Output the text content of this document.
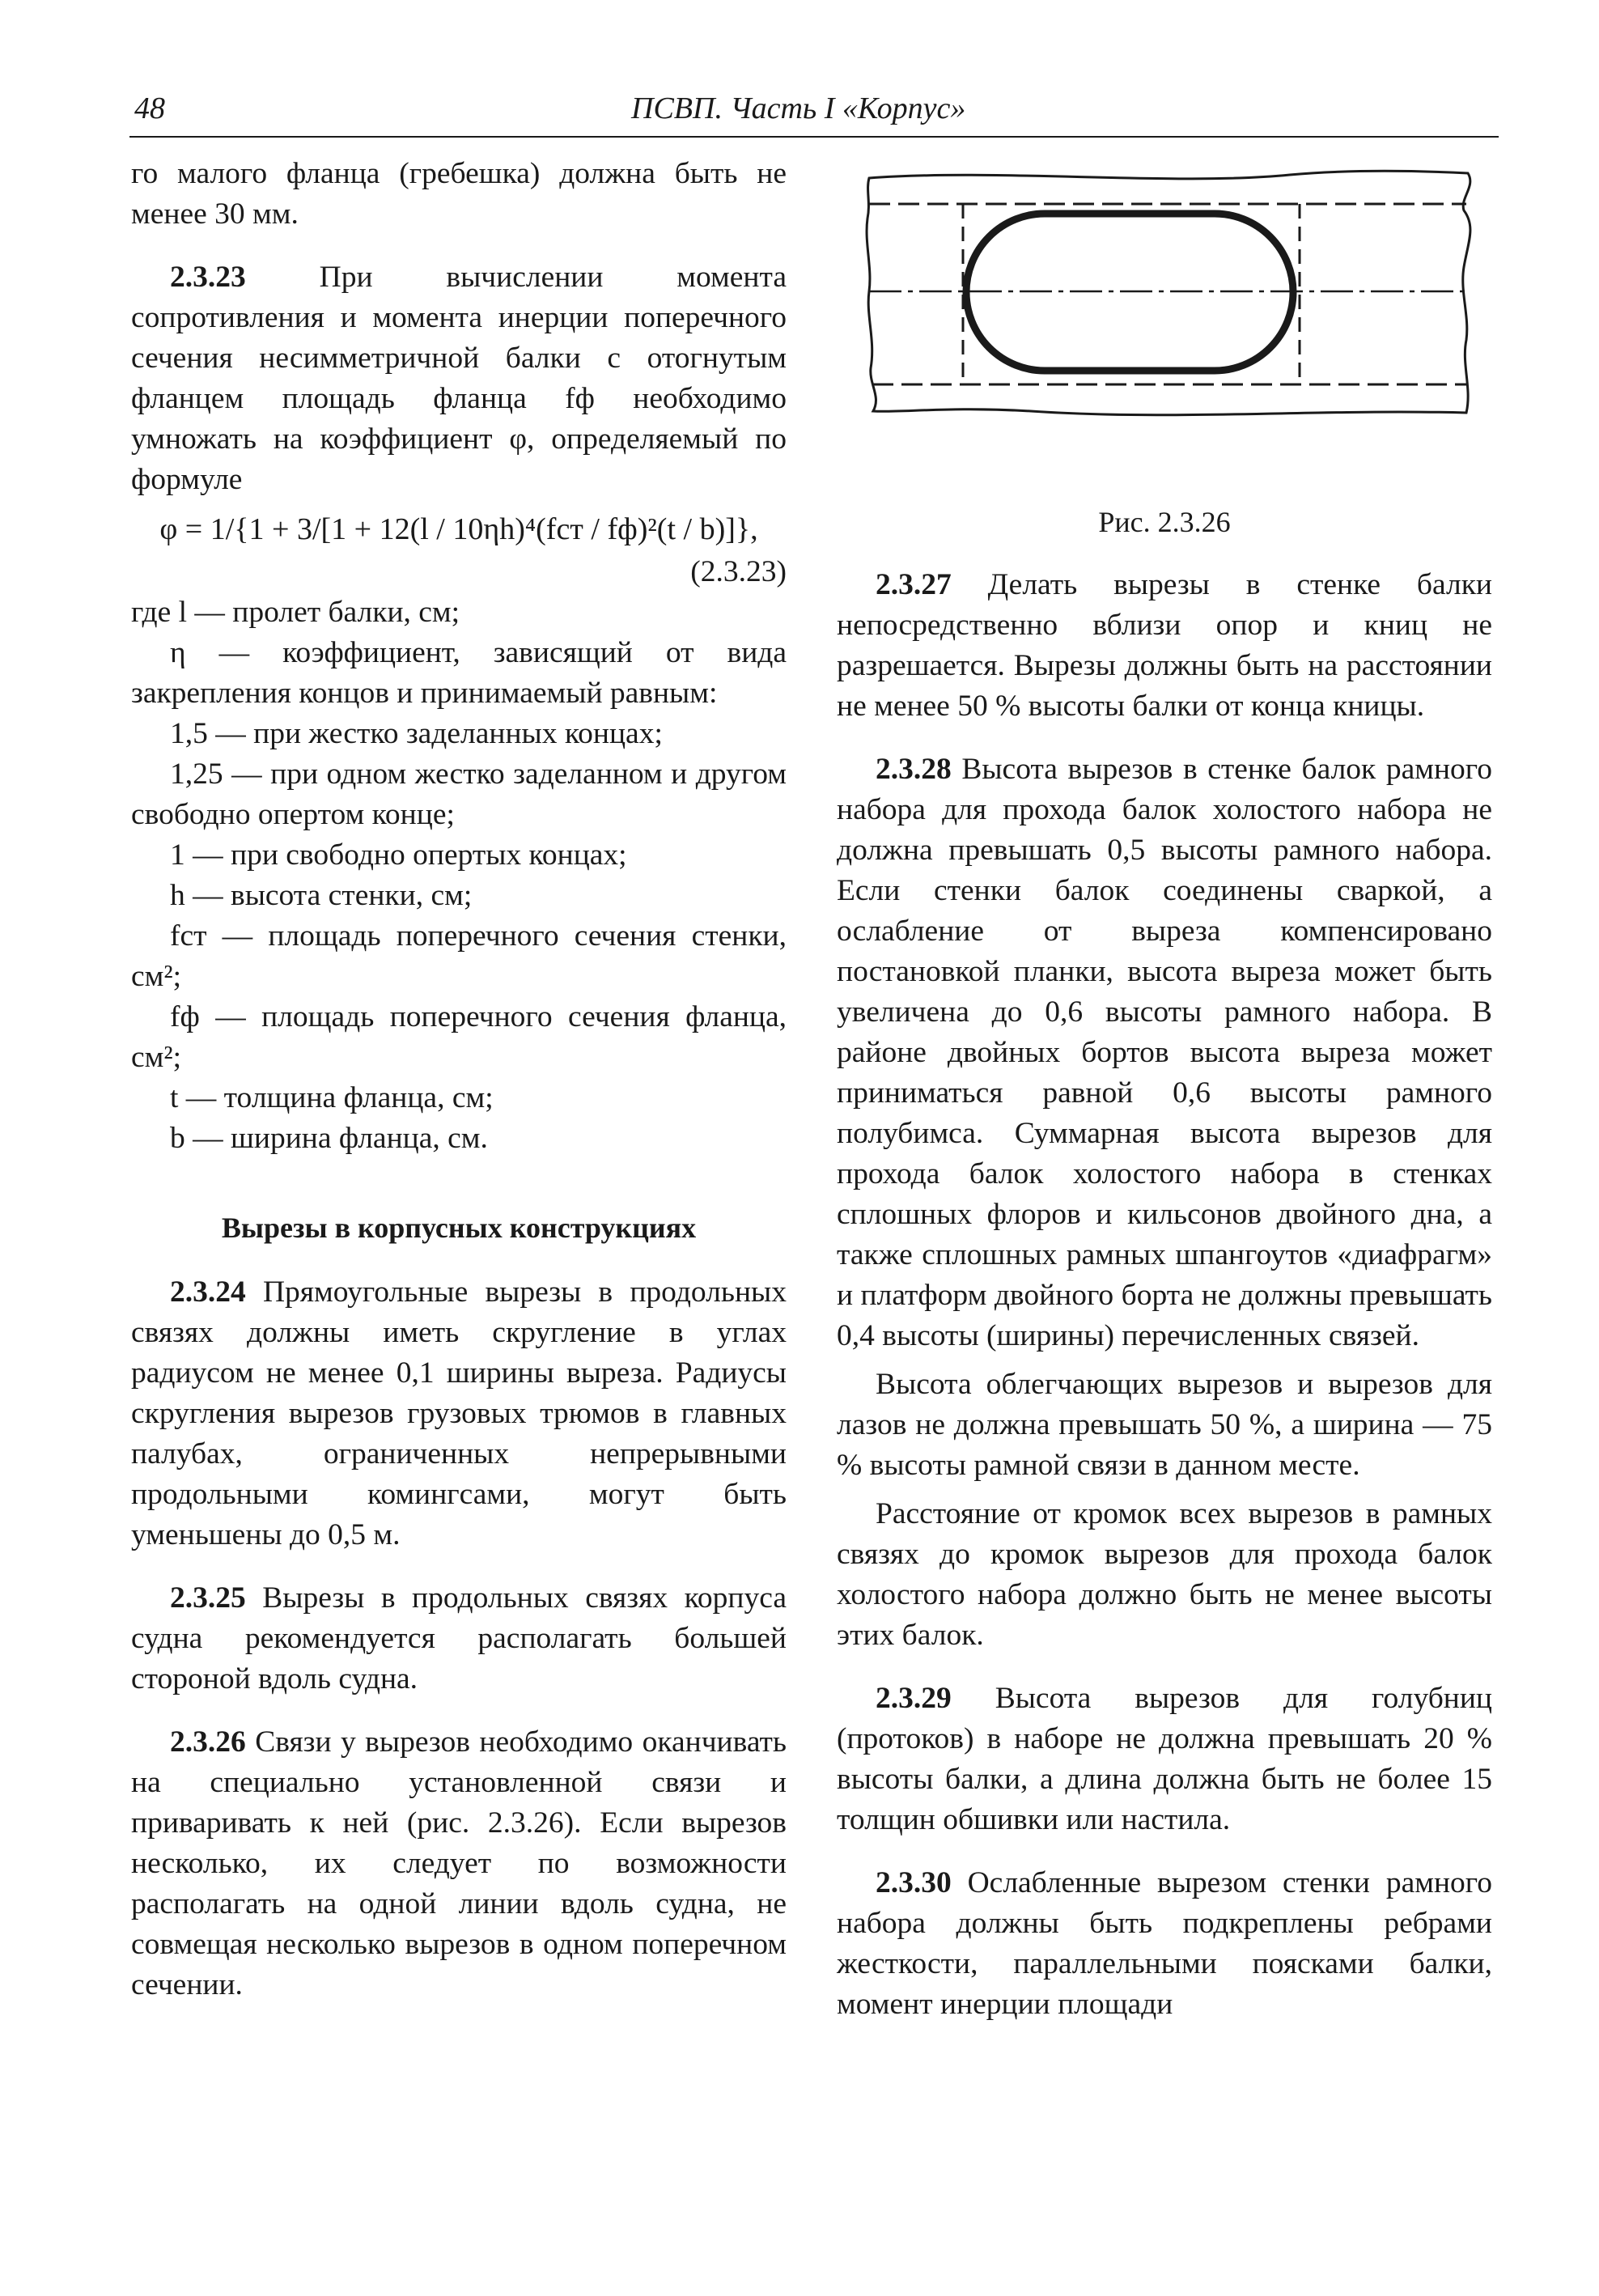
48	ПСВП. Часть I «Корпус»

го малого фланца (гребешка) должна быть не менее 30 мм.

2.3.23 При вычислении момента сопротивления и момента инерции поперечного сечения несимметричной балки с отогнутым фланцем площадь фланца fф необходимо умножать на коэффициент φ, определяемый по формуле

φ = 1/{1 + 3/[1 + 12(l / 10ηh)⁴(fст / fф)²(t / b)]},

(2.3.23)

где l — пролет балки, см;

η — коэффициент, зависящий от вида закрепления концов и принимаемый равным:

1,5 — при жестко заделанных концах;

1,25 — при одном жестко заделанном и другом свободно опертом конце;

1 — при свободно опертых концах;

h — высота стенки, см;

fст — площадь поперечного сечения стенки, см²;

fф — площадь поперечного сечения фланца, см²;

t — толщина фланца, см;

b — ширина фланца, см.

Вырезы в корпусных конструкциях

2.3.24 Прямоугольные вырезы в продольных связях должны иметь скругление в углах радиусом не менее 0,1 ширины выреза. Радиусы скругления вырезов грузовых трюмов в главных палубах, ограниченных непрерывными продольными комингсами, могут быть уменьшены до 0,5 м.

2.3.25 Вырезы в продольных связях корпуса судна рекомендуется располагать большей стороной вдоль судна.

2.3.26 Связи у вырезов необходимо оканчивать на специально установленной связи и приваривать к ней (рис. 2.3.26). Если вырезов несколько, их следует по возможности располагать на одной линии вдоль судна, не совмещая несколько вырезов в одном поперечном сечении.

Рис. 2.3.26

2.3.27 Делать вырезы в стенке балки непосредственно вблизи опор и книц не разрешается. Вырезы должны быть на расстоянии не менее 50 % высоты балки от конца кницы.

2.3.28 Высота вырезов в стенке балок рамного набора для прохода балок холостого набора не должна превышать 0,5 высоты рамного набора. Если стенки балок соединены сваркой, а ослабление от выреза компенсировано постановкой планки, высота выреза может быть увеличена до 0,6 высоты рамного набора. В районе двойных бортов высота выреза может приниматься равной 0,6 высоты рамного полубимса. Суммарная высота вырезов для прохода балок холостого набора в стенках сплошных флоров и кильсонов двойного дна, а также сплошных рамных шпангоутов «диафрагм» и платформ двойного борта не должны превышать 0,4 высоты (ширины) перечисленных связей.

Высота облегчающих вырезов и вырезов для лазов не должна превышать 50 %, а ширина — 75 % высоты рамной связи в данном месте.

Расстояние от кромок всех вырезов в рамных связях до кромок вырезов для прохода балок холостого набора должно быть не менее высоты этих балок.

2.3.29 Высота вырезов для голубниц (протоков) в наборе не должна превышать 20 % высоты балки, а длина должна быть не более 15 толщин обшивки или настила.

2.3.30 Ослабленные вырезом стенки рамного набора должны быть подкреплены ребрами жесткости, параллельными поясками балки, момент инерции площади
